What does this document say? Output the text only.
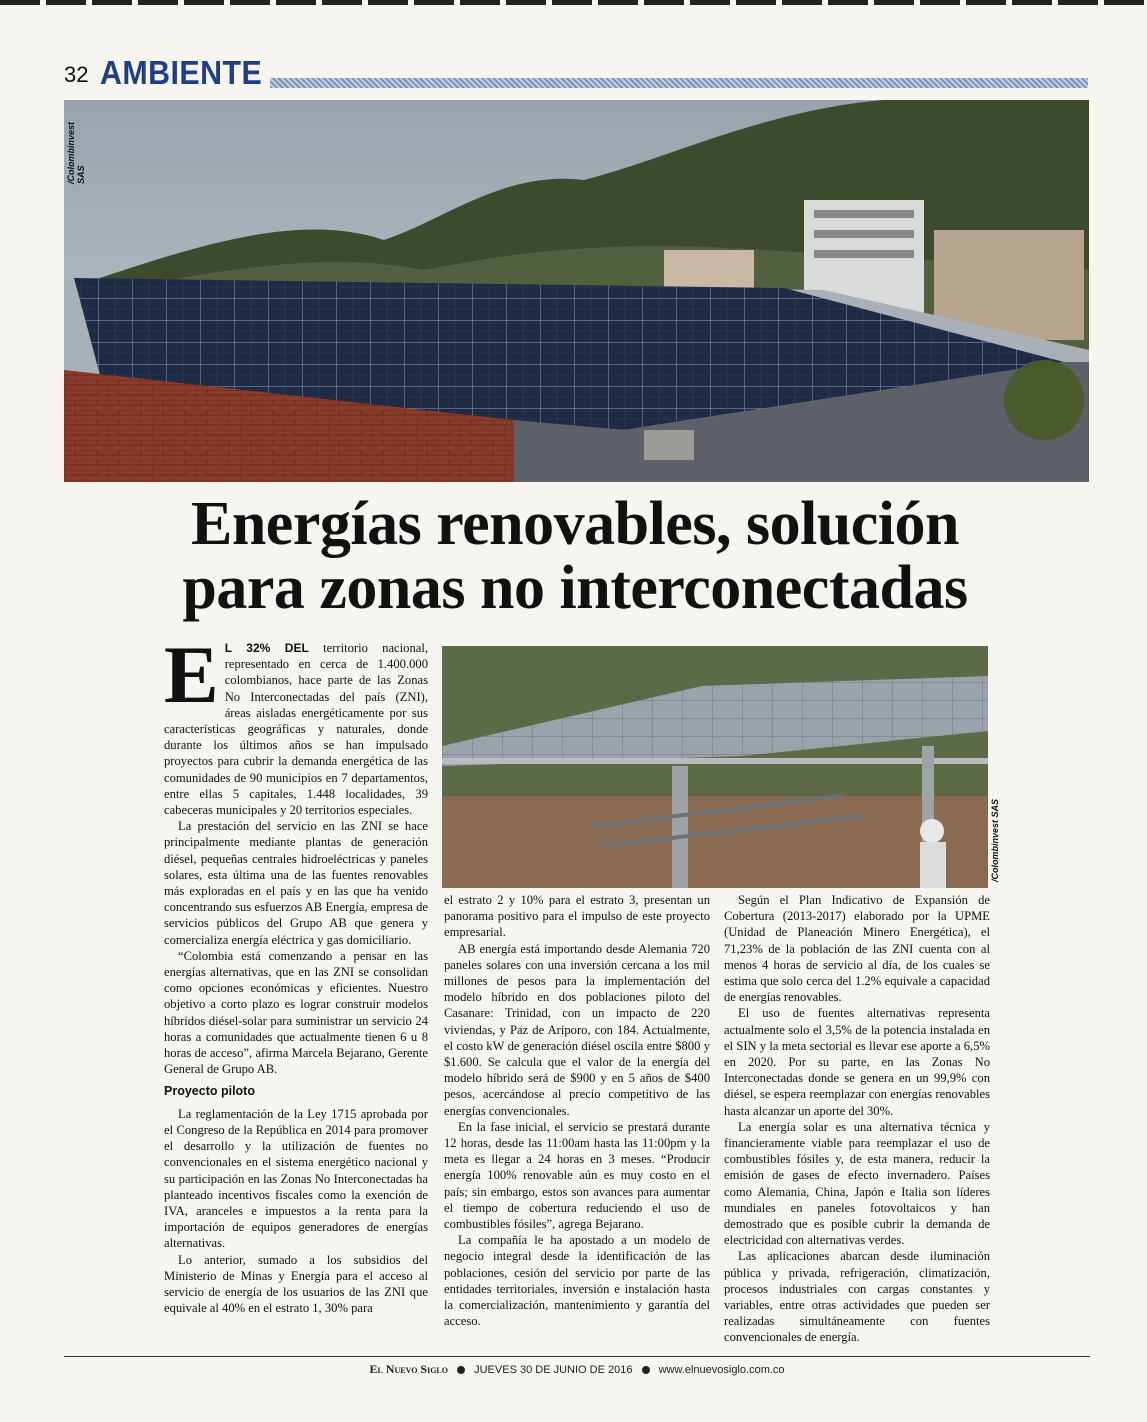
32 AMBIENTE
/Colombinvest SAS
Energías renovables, solución
para zonas no interconectadas
/Colombinvest SAS

E L 32% DEL territorio nacional, representado en cerca de 1.400.000 colombianos, hace parte de las Zonas No Interconectadas del país (ZNI), áreas aisladas energéticamente por sus características geográficas y naturales, donde durante los últimos años se han impulsado proyectos para cubrir la demanda energética de las comunidades de 90 municipios en 7 departamentos, entre ellas 5 capitales, 1.448 localidades, 39 cabeceras municipales y 20 territorios especiales.

La prestación del servicio en las ZNI se hace principalmente mediante plantas de generación diésel, pequeñas centrales hidroeléctricas y paneles solares, esta última una de las fuentes renovables más exploradas en el país y en las que ha venido concentrando sus esfuerzos AB Energía, empresa de servicios públicos del Grupo AB que genera y comercializa energía eléctrica y gas domiciliario.

“Colombia está comenzando a pensar en las energías alternativas, que en las ZNI se consolidan como opciones económicas y eficientes. Nuestro objetivo a corto plazo es lograr construir modelos híbridos diésel-solar para suministrar un servicio 24 horas a comunidades que actualmente tienen 6 u 8 horas de acceso”, afirma Marcela Bejarano, Gerente General de Grupo AB.

Proyecto piloto

La reglamentación de la Ley 1715 aprobada por el Congreso de la República en 2014 para promover el desarrollo y la utilización de fuentes no convencionales en el sistema energético nacional y su participación en las Zonas No Interconectadas ha planteado incentivos fiscales como la exención de IVA, aranceles e impuestos a la renta para la importación de equipos generadores de energías alternativas.

Lo anterior, sumado a los subsidios del Ministerio de Minas y Energía para el acceso al servicio de energía de los usuarios de las ZNI que equivale al 40% en el estrato 1, 30% para

el estrato 2 y 10% para el estrato 3, presentan un panorama positivo para el impulso de este proyecto empresarial.

AB energía está importando desde Alemania 720 paneles solares con una inversión cercana a los mil millones de pesos para la implementación del modelo híbrido en dos poblaciones piloto del Casanare: Trinidad, con un impacto de 220 viviendas, y Paz de Ariporo, con 184. Actualmente, el costo kW de generación diésel oscila entre $800 y $1.600. Se calcula que el valor de la energía del modelo híbrido será de $900 y en 5 años de $400 pesos, acercándose al precio competitivo de las energías convencionales.

En la fase inicial, el servicio se prestará durante 12 horas, desde las 11:00am hasta las 11:00pm y la meta es llegar a 24 horas en 3 meses. “Producir energía 100% renovable aún es muy costo en el país; sin embargo, estos son avances para aumentar el tiempo de cobertura reduciendo el uso de combustibles fósiles”, agrega Bejarano.

La compañía le ha apostado a un modelo de negocio integral desde la identificación de las poblaciones, cesión del servicio por parte de las entidades territoriales, inversión e instalación hasta la comercialización, mantenimiento y garantía del acceso.

Según el Plan Indicativo de Expansión de Cobertura (2013-2017) elaborado por la UPME (Unidad de Planeación Minero Energética), el 71,23% de la población de las ZNI cuenta con al menos 4 horas de servicio al día, de los cuales se estima que solo cerca del 1.2% equivale a capacidad de energías renovables.

El uso de fuentes alternativas representa actualmente solo el 3,5% de la potencia instalada en el SIN y la meta sectorial es llevar ese aporte a 6,5% en 2020. Por su parte, en las Zonas No Interconectadas donde se genera en un 99,9% con diésel, se espera reemplazar con energías renovables hasta alcanzar un aporte del 30%.

La energía solar es una alternativa técnica y financieramente viable para reemplazar el uso de combustibles fósiles y, de esta manera, reducir la emisión de gases de efecto invernadero. Países como Alemania, China, Japón e Italia son líderes mundiales en paneles fotovoltaicos y han demostrado que es posible cubrir la demanda de electricidad con alternativas verdes.

Las aplicaciones abarcan desde iluminación pública y privada, refrigeración, climatización, procesos industriales con cargas constantes y variables, entre otras actividades que pueden ser realizadas simultáneamente con fuentes convencionales de energía.

El Nuevo Siglo JUEVES 30 DE JUNIO DE 2016 www.elnuevosiglo.com.co
